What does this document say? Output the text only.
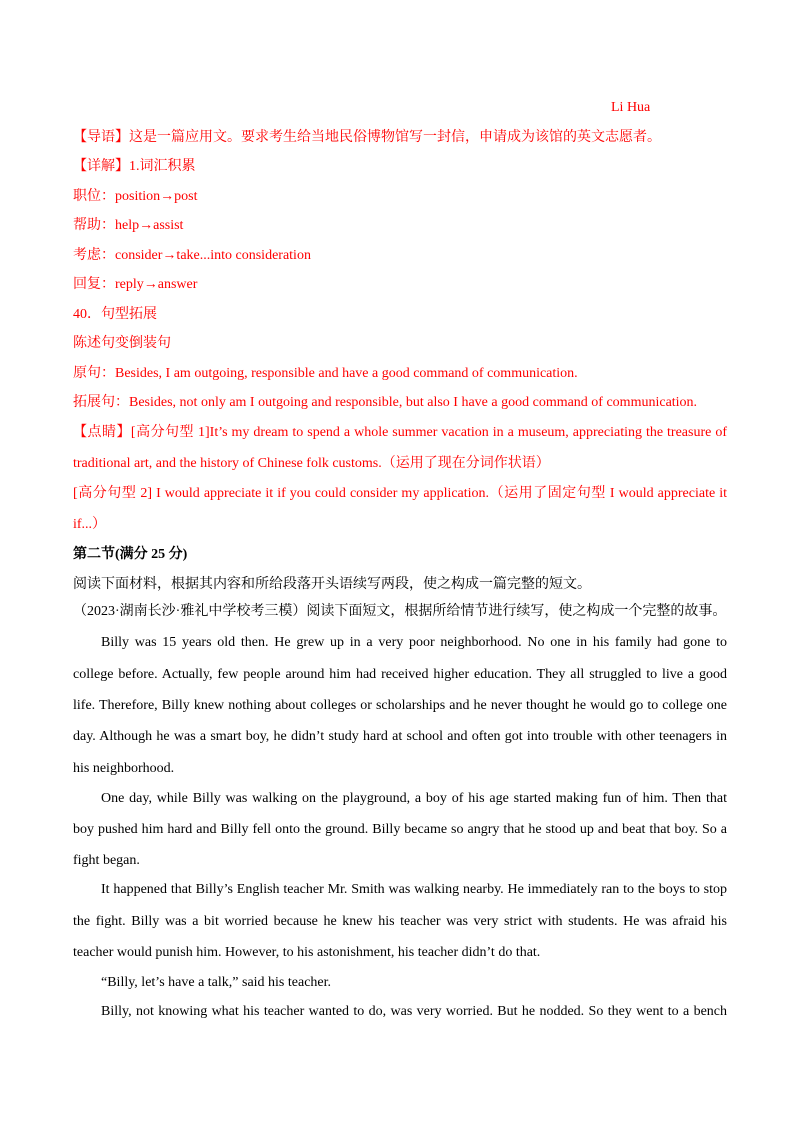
Li Hua
【导语】这是一篇应用文。要求考生给当地民俗博物馆写一封信，申请成为该馆的英文志愿者。
【详解】1.词汇积累
职位：position→post
帮助：help→assist
考虑：consider→take...into consideration
回复：reply→answer
40．句型拓展
陈述句变倒装句
原句：Besides, I am outgoing, responsible and have a good command of communication.
拓展句：Besides, not only am I outgoing and responsible, but also I have a good command of communication.
【点睛】[高分句型 1]It’s my dream to spend a whole summer vacation in a museum, appreciating the treasure of
traditional art, and the history of Chinese folk customs.（运用了现在分词作状语）
[高分句型 2] I would appreciate it if you could consider my application.（运用了固定句型 I would appreciate it
if...）
第二节(满分 25 分)
阅读下面材料，根据其内容和所给段落开头语续写两段，使之构成一篇完整的短文。
（2023·湖南长沙·雅礼中学校考三模）阅读下面短文，根据所给情节进行续写，使之构成一个完整的故事。
Billy was 15 years old then. He grew up in a very poor neighborhood. No one in his family had gone to
college before. Actually, few people around him had received higher education. They all struggled to live a good
life. Therefore, Billy knew nothing about colleges or scholarships and he never thought he would go to college one
day. Although he was a smart boy, he didn’t study hard at school and often got into trouble with other teenagers in
his neighborhood.
One day, while Billy was walking on the playground, a boy of his age started making fun of him. Then that
boy pushed him hard and Billy fell onto the ground. Billy became so angry that he stood up and beat that boy. So a
fight began.
It happened that Billy’s English teacher Mr. Smith was walking nearby. He immediately ran to the boys to stop
the fight. Billy was a bit worried because he knew his teacher was very strict with students. He was afraid his
teacher would punish him. However, to his astonishment, his teacher didn’t do that.
“Billy, let’s have a talk,” said his teacher.
Billy, not knowing what his teacher wanted to do, was very worried. But he nodded. So they went to a bench
